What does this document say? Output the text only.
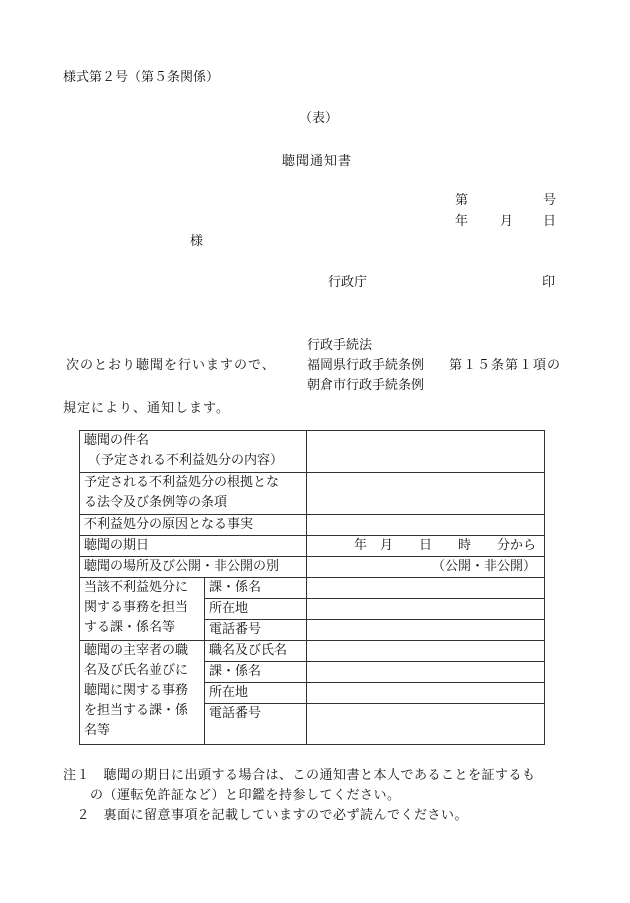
様式第２号（第５条関係）
（表）
聴聞通知書
第	号
年 月 日
様
行政庁	印
行政手続法
次のとおり聴聞を行いますので、 福岡県行政手続条例 第１５条第１項の
朝倉市行政手続条例
規定により、通知します。
聴聞の件名
（予定される不利益処分の内容）		

予定される不利益処分の根拠とな
る法令及び条例等の条項		

不利益処分の原因となる事実		
聴聞の期日		年　月　　日　　時　　分から
聴聞の場所及び公開・非公開の別		（公開・非公開）

当該不利益処分に
関する事務を担当
する課・係名等	課・係名	
	所在地	
	電話番号	

聴聞の主宰者の職
名及び氏名並びに
聴聞に関する事務
を担当する課・係
名等	職名及び氏名	
	課・係名	
	所在地	
	電話番号	
注１　聴聞の期日に出頭する場合は、この通知書と本人であることを証するも
　　の（運転免許証など）と印鑑を持参してください。
　２　裏面に留意事項を記載していますので必ず読んでください。
